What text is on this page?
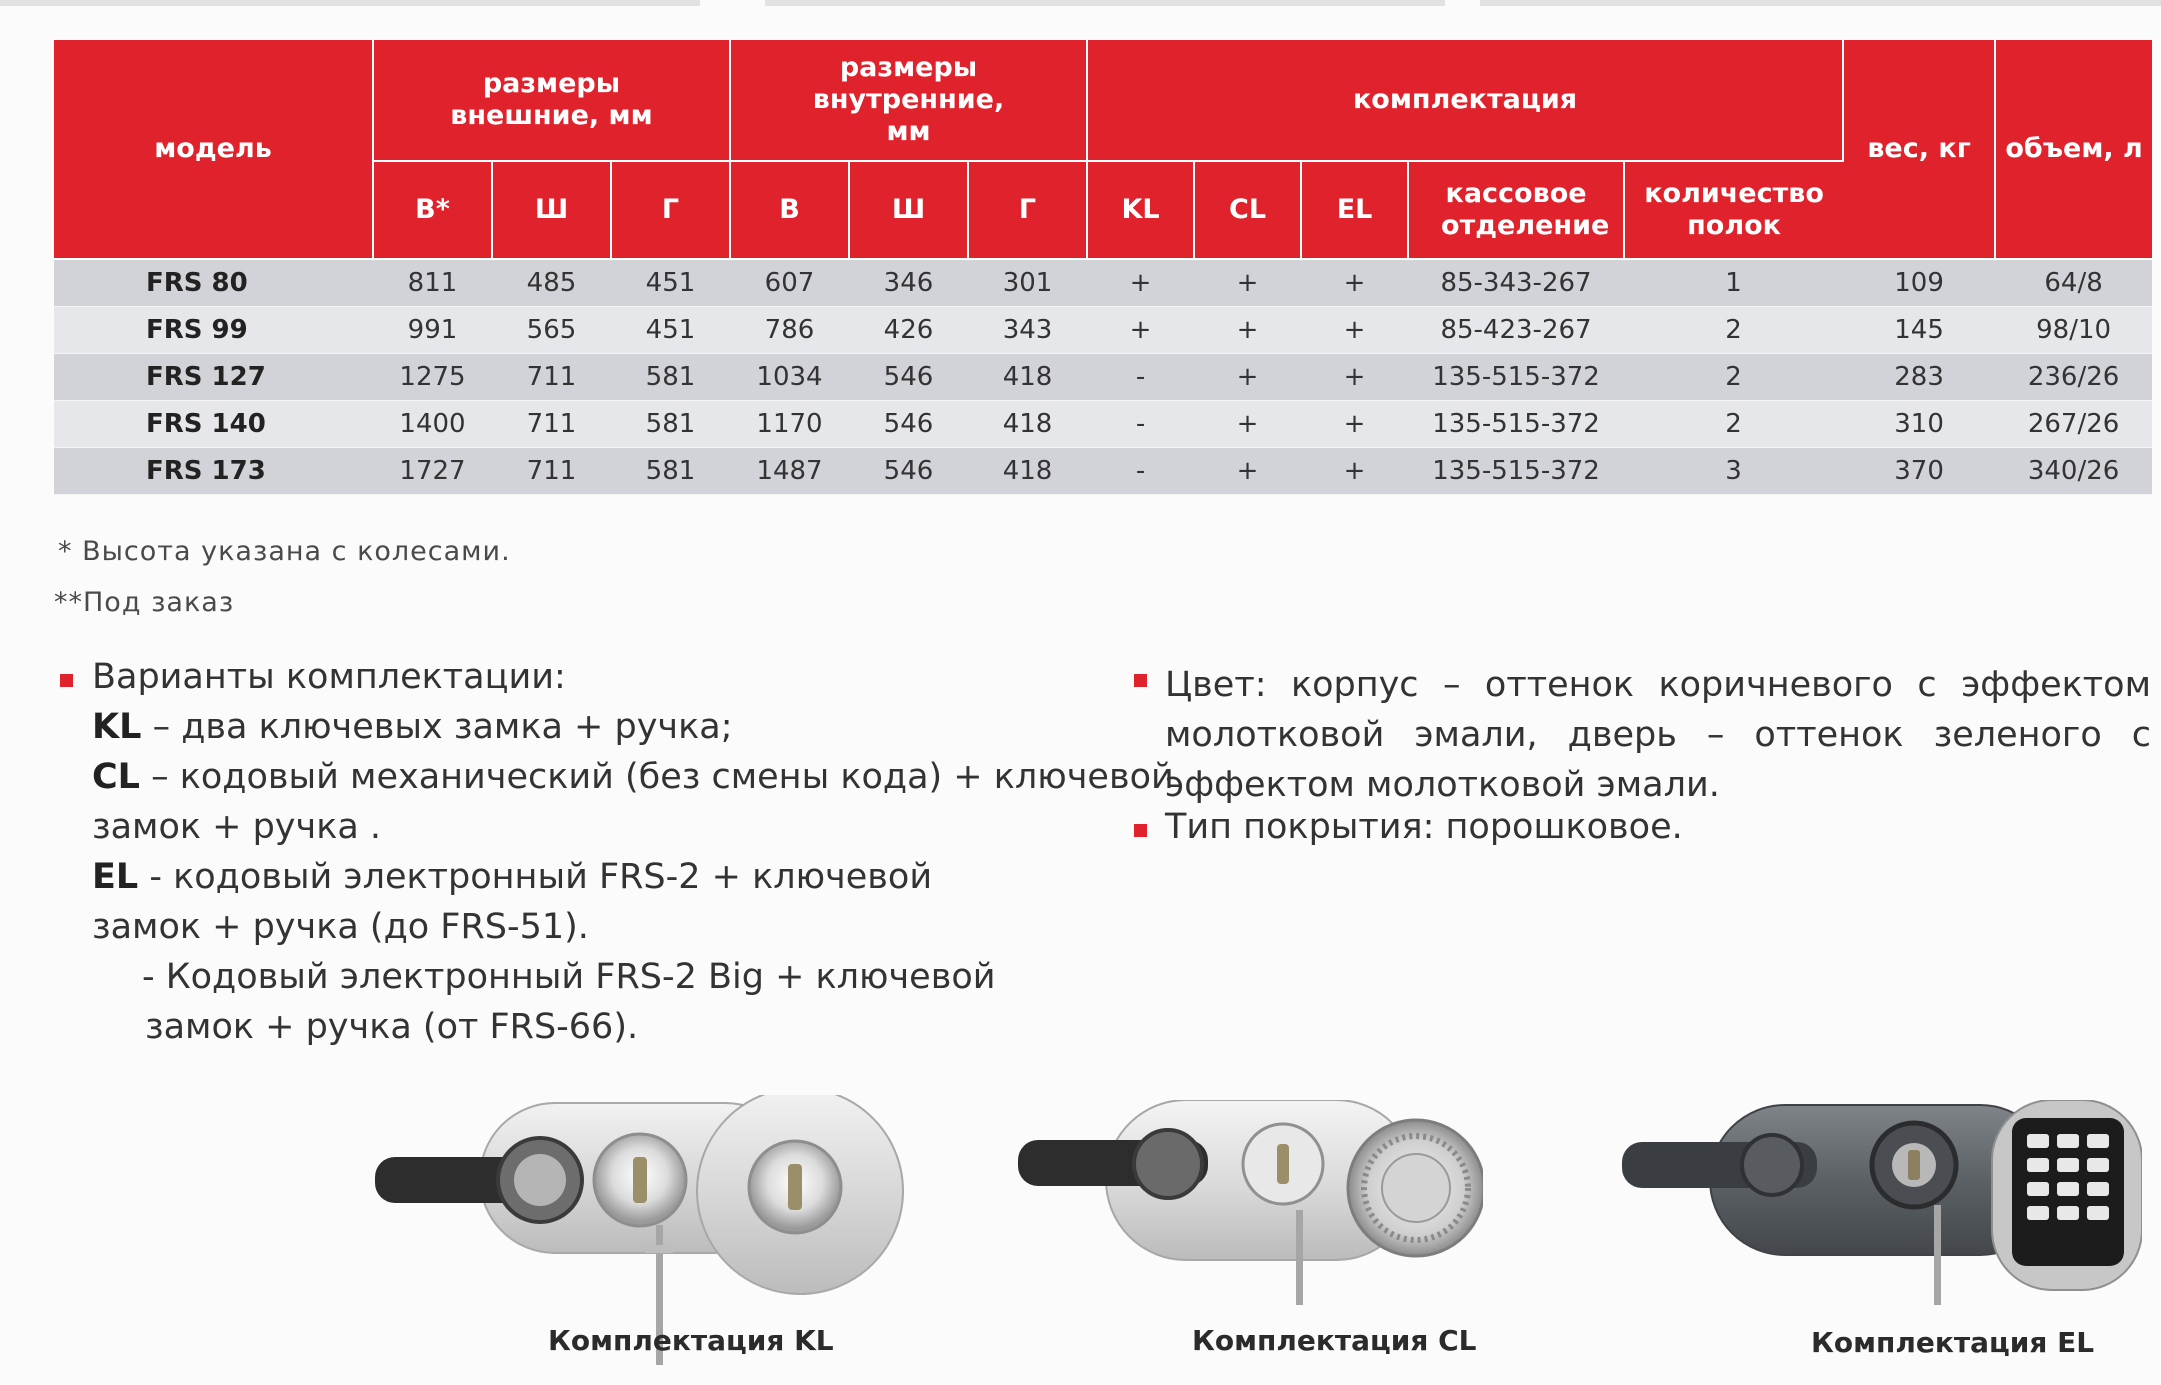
модель	размеры внешние, мм			размеры внутренние, мм			комплектация					вес, кг	объем, л
	В*	Ш	Г	В	Ш	Г	KL	CL	EL	кассовое отделение	количество полок		

FRS 80	811	485	451	607	346	301	+	+	+	85-343-267	1	109	64/8
FRS 99	991	565	451	786	426	343	+	+	+	85-423-267	2	145	98/10
FRS 127	1275	711	581	1034	546	418	-	+	+	135-515-372	2	283	236/26
FRS 140	1400	711	581	1170	546	418	-	+	+	135-515-372	2	310	267/26
FRS 173	1727	711	581	1487	546	418	-	+	+	135-515-372	3	370	340/26
* Высота указана с колесами.
**Под заказ
Варианты комплектации:
KL – два ключевых замка + ручка;
CL – кодовый механический (без смены кода) + ключевой
замок + ручка .
EL - кодовый электронный FRS-2 + ключевой
замок + ручка (до FRS-51).
- Кодовый электронный FRS-2 Big + ключевой
замок + ручка (от FRS-66).
Цвет: корпус – оттенок коричневого с эффектом молотковой эмали, дверь – оттенок зеленого с эффектом молотковой эмали.
Тип покрытия: порошковое.
Комплектация KL	Комплектация CL	Комплектация EL
